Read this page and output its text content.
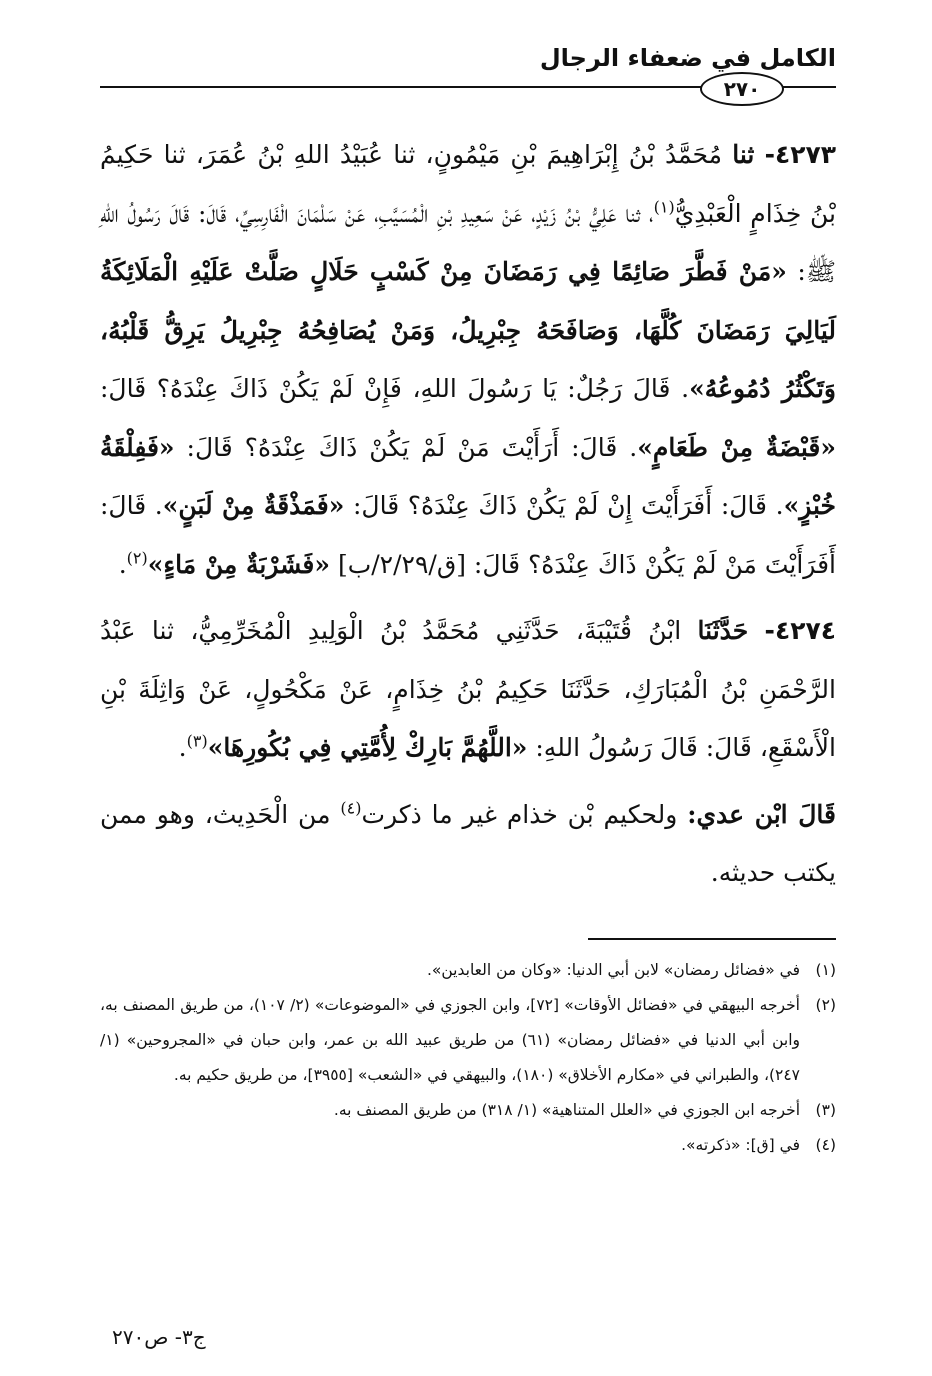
الكامل في ضعفاء الرجال
٢٧٠

٤٢٧٣- ثنا مُحَمَّدُ بْنُ إِبْرَاهِيمَ بْنِ مَيْمُونٍ، ثنا عُبَيْدُ اللهِ بْنُ عُمَرَ، ثنا حَكِيمُ بْنُ خِذَامٍ الْعَبْدِيُّ$^{(١)}$، ثنا عَلِيُّ بْنُ زَيْدٍ، عَنْ سَعِيدِ بْنِ الْمُسَيَّبِ، عَنْ سَلْمَانَ الْفَارِسِيِّ، قَالَ: قَالَ رَسُولُ اللهِ ﷺ: «مَنْ فَطَّرَ صَائِمًا فِي رَمَضَانَ مِنْ كَسْبٍ حَلَالٍ صَلَّتْ عَلَيْهِ الْمَلَائِكَةُ لَيَالِيَ رَمَضَانَ كُلَّهَا، وَصَافَحَهُ جِبْرِيلُ، وَمَنْ يُصَافِحُهُ جِبْرِيلُ يَرِقُّ قَلْبُهُ، وَتَكْثُرُ دُمُوعُهُ». قَالَ رَجُلٌ: يَا رَسُولَ اللهِ، فَإِنْ لَمْ يَكُنْ ذَاكَ عِنْدَهُ؟ قَالَ: «قَبْضَةٌ مِنْ طَعَامٍ». قَالَ: أَرَأَيْتَ مَنْ لَمْ يَكُنْ ذَاكَ عِنْدَهُ؟ قَالَ: «فَفِلْقَةُ خُبْزٍ». قَالَ: أَفَرَأَيْتَ إِنْ لَمْ يَكُنْ ذَاكَ عِنْدَهُ؟ قَالَ: «فَمَذْقَةٌ مِنْ لَبَنٍ». قَالَ: أَفَرَأَيْتَ مَنْ لَمْ يَكُنْ ذَاكَ عِنْدَهُ؟ قَالَ: [ق/٢/٢٩/ب] «فَشَرْبَةٌ مِنْ مَاءٍ»$^{(٢)}$.

٤٢٧٤- حَدَّثَنَا ابْنُ قُتَيْبَةَ، حَدَّثَنِي مُحَمَّدُ بْنُ الْوَلِيدِ الْمُخَرِّمِيُّ، ثنا عَبْدُ الرَّحْمَنِ بْنُ الْمُبَارَكِ، حَدَّثَنَا حَكِيمُ بْنُ خِذَامٍ، عَنْ مَكْحُولٍ، عَنْ وَاثِلَةَ بْنِ الْأَسْقَعِ، قَالَ: قَالَ رَسُولُ اللهِ: «اللَّهُمَّ بَارِكْ لِأُمَّتِي فِي بُكُورِهَا»$^{(٣)}$.

قَالَ ابْن عدي: ولحكيم بْن خذام غير ما ذكرت$^{(٤)}$ من الْحَدِيث، وهو ممن يكتب حديثه.

(١)
في «فضائل رمضان» لابن أبي الدنيا: «وكان من العابدين».
(٢)
أخرجه البيهقي في «فضائل الأوقات» [٧٢]، وابن الجوزي في «الموضوعات» (٢/ ١٠٧)، من طريق المصنف به، وابن أبي الدنيا في «فضائل رمضان» (٦١) من طريق عبيد الله بن عمر، وابن حبان في «المجروحين» (١/ ٢٤٧)، والطبراني في «مكارم الأخلاق» (١٨٠)، والبيهقي في «الشعب» [٣٩٥٥]، من طريق حكيم به.
(٣)
أخرجه ابن الجوزي في «العلل المتناهية» (١/ ٣١٨) من طريق المصنف به.
(٤)
في [ق]: «ذكرته».
ج٣- ص٢٧٠
